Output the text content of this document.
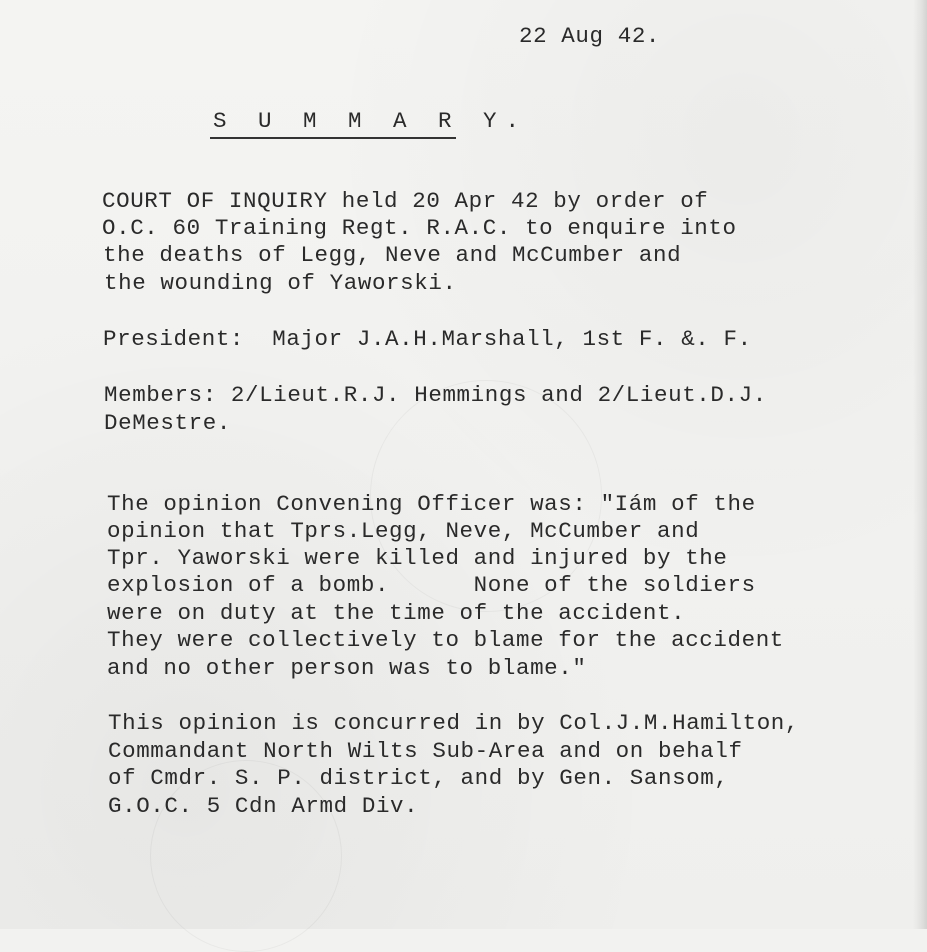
22 Aug 42.
S U M M A R Y.
COURT OF INQUIRY held 20 Apr 42 by order of
O.C. 60 Training Regt. R.A.C. to enquire into
the deaths of Legg, Neve and McCumber and
the wounding of Yaworski.
President:  Major J.A.H.Marshall, 1st F. &. F.
Members: 2/Lieut.R.J. Hemmings and 2/Lieut.D.J.
DeMestre.
The opinion Convening Officer was: "Iám of the
opinion that Tprs.Legg, Neve, McCumber and
Tpr. Yaworski were killed and injured by the
explosion of a bomb.      None of the soldiers
were on duty at the time of the accident.
They were collectively to blame for the accident
and no other person was to blame."
This opinion is concurred in by Col.J.M.Hamilton,
Commandant North Wilts Sub-Area and on behalf
of Cmdr. S. P. district, and by Gen. Sansom,
G.O.C. 5 Cdn Armd Div.
